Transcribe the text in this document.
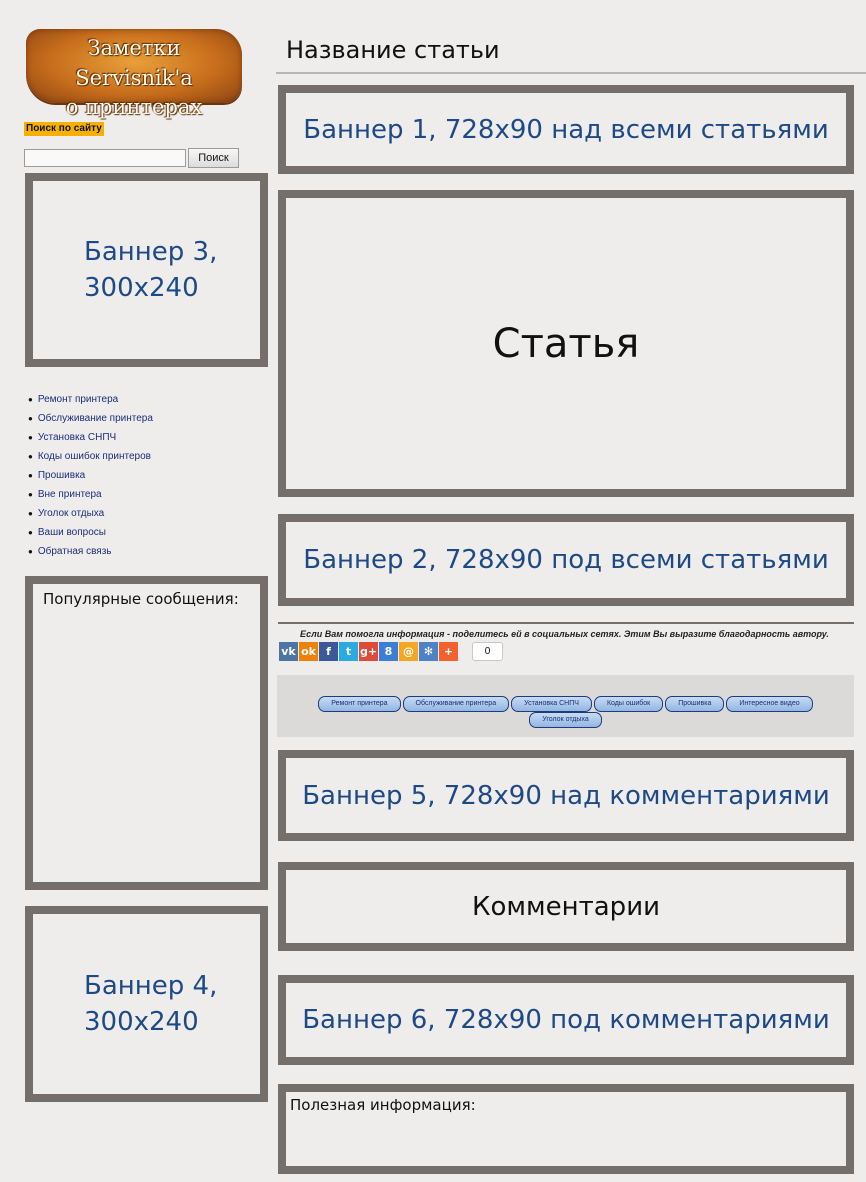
Заметки Servisnik'a
о принтерах
Поиск по сайту
Поиск
Баннер 3, 300х240
● Ремонт принтера
● Обслуживание принтера
● Установка СНПЧ
● Коды ошибок принтеров
● Прошивка
● Вне принтера
● Уголок отдыха
● Ваши вопросы
● Обратная связь
Популярные сообщения:
Баннер 4, 300х240
Название статьи
Баннер 1, 728х90 над всеми статьями
Статья
Баннер 2, 728х90 под всеми статьями
Если Вам помогла информация - поделитесь ей в социальных сетях. Этим Вы выразите благодарность автору.
vk ok f	t g+ 8 @ ✻ +	0
Ремонт принтера	Обслуживание принтера	Установка СНПЧ	Коды ошибок	Прошивка	Интересное видео
Уголок отдыха
Баннер 5, 728х90 над комментариями
Комментарии
Баннер 6, 728х90 под комментариями
Полезная информация:
